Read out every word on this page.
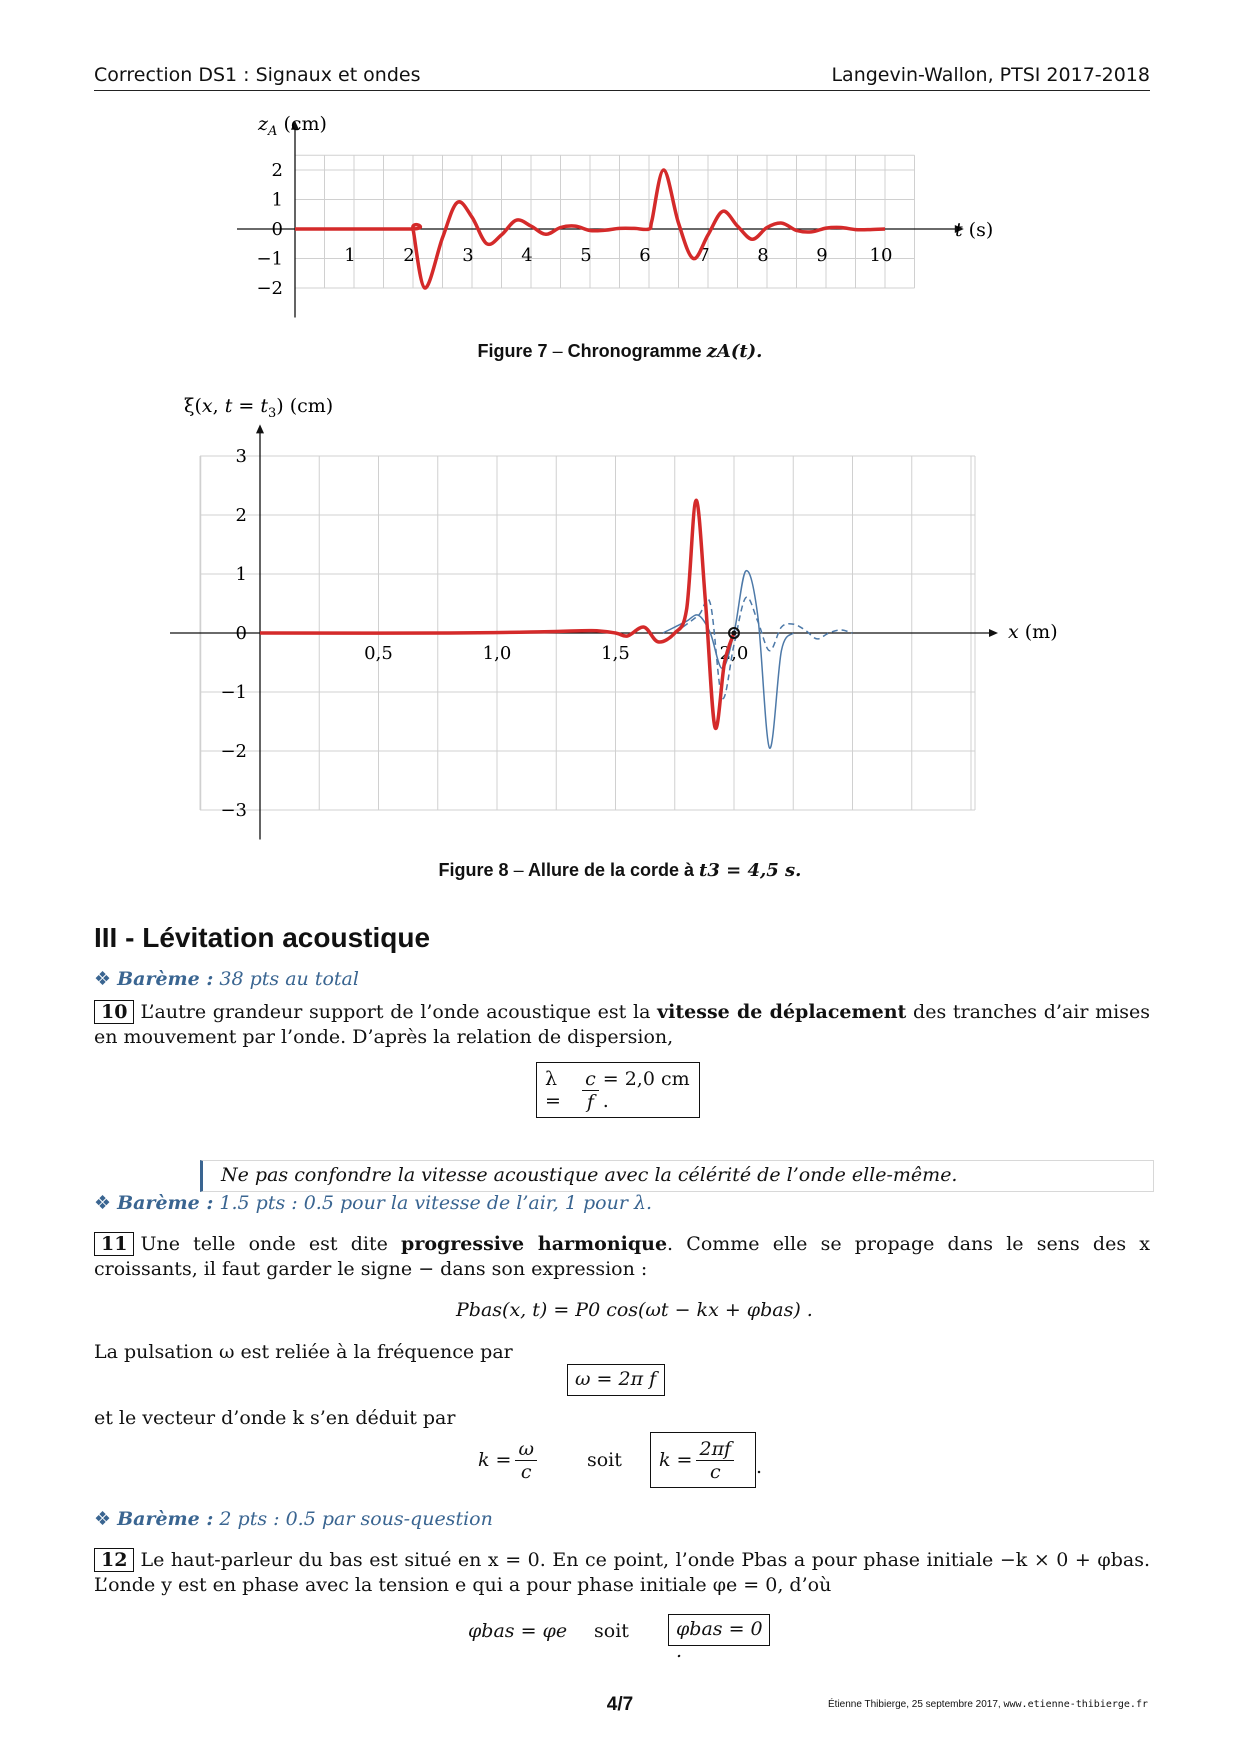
Correction DS1 : Signaux et ondes	Langevin-Wallon, PTSI 2017-2018
1	2	3	4	5	6	7	8	9 10
2
1
0
−1
−2
$z_A$ (cm)
t (s)
0,5	1,0	1,5	2,0
3
2
1
0
−1
−2
−3
ξ(x, $t = t_3$) (cm)
x (m)
Figure 7 – Chronogramme zA(t).
Figure 8 – Allure de la corde à t3 = 4,5 s.
III - Lévitation acoustique
❖ Barème : 38 pts au total
10 L’autre grandeur support de l’onde acoustique est la vitesse de déplacement des tranches d’air mises en mouvement par l’onde. D’après la relation de dispersion,
λ =	$\frac{c}{f} = 2,0$ cm .
Ne pas confondre la vitesse acoustique avec la célérité de l’onde elle-même.
❖ Barème : 1.5 pts : 0.5 pour la vitesse de l’air, 1 pour λ.
11 Une telle onde est dite progressive harmonique. Comme elle se propage dans le sens des x croissants, il faut garder le signe − dans son expression :
Pbas(x, t) = P0 cos(ωt − kx + φbas) .
La pulsation ω est reliée à la fréquence par
ω = 2π f
et le vecteur d’onde k s’en déduit par
$k = \frac{\omega}{c}$	soit $k = \frac{2\pi f}{c}$ .
❖ Barème : 2 pts : 0.5 par sous-question
12 Le haut-parleur du bas est situé en x = 0. En ce point, l’onde Pbas a pour phase initiale −k × 0 + φbas. L’onde y est en phase avec la tension e qui a pour phase initiale φe = 0, d’où
φbas = φe soit φbas = 0 .
4/7	Étienne Thibierge, 25 septembre 2017, www.etienne-thibierge.fr
